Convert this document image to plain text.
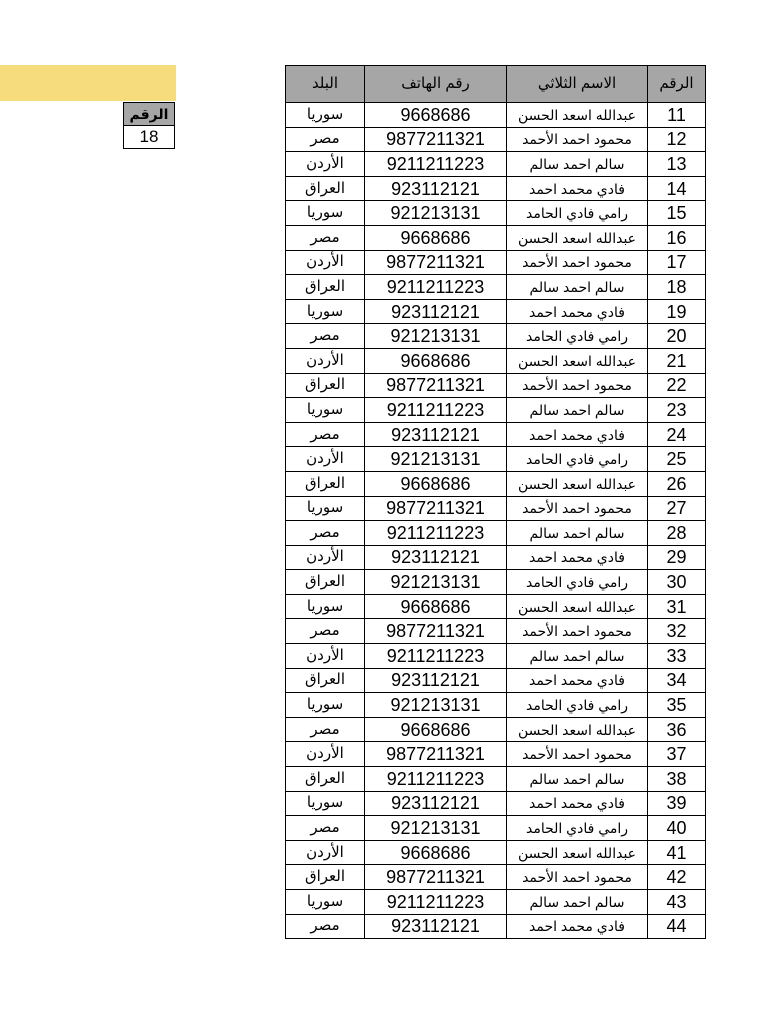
الرقم
18
البلد	رقم الهاتف	الاسم الثلاثي	الرقم
سوريا	9668686	عبدالله اسعد الحسن	11
مصر	9877211321	محمود احمد الأحمد	12
الأردن	9211211223	سالم احمد سالم	13
العراق	923112121	فادي محمد احمد	14
سوريا	921213131	رامي فادي الحامد	15
مصر	9668686	عبدالله اسعد الحسن	16
الأردن	9877211321	محمود احمد الأحمد	17
العراق	9211211223	سالم احمد سالم	18
سوريا	923112121	فادي محمد احمد	19
مصر	921213131	رامي فادي الحامد	20
الأردن	9668686	عبدالله اسعد الحسن	21
العراق	9877211321	محمود احمد الأحمد	22
سوريا	9211211223	سالم احمد سالم	23
مصر	923112121	فادي محمد احمد	24
الأردن	921213131	رامي فادي الحامد	25
العراق	9668686	عبدالله اسعد الحسن	26
سوريا	9877211321	محمود احمد الأحمد	27
مصر	9211211223	سالم احمد سالم	28
الأردن	923112121	فادي محمد احمد	29
العراق	921213131	رامي فادي الحامد	30
سوريا	9668686	عبدالله اسعد الحسن	31
مصر	9877211321	محمود احمد الأحمد	32
الأردن	9211211223	سالم احمد سالم	33
العراق	923112121	فادي محمد احمد	34
سوريا	921213131	رامي فادي الحامد	35
مصر	9668686	عبدالله اسعد الحسن	36
الأردن	9877211321	محمود احمد الأحمد	37
العراق	9211211223	سالم احمد سالم	38
سوريا	923112121	فادي محمد احمد	39
مصر	921213131	رامي فادي الحامد	40
الأردن	9668686	عبدالله اسعد الحسن	41
العراق	9877211321	محمود احمد الأحمد	42
سوريا	9211211223	سالم احمد سالم	43
مصر	923112121	فادي محمد احمد	44
